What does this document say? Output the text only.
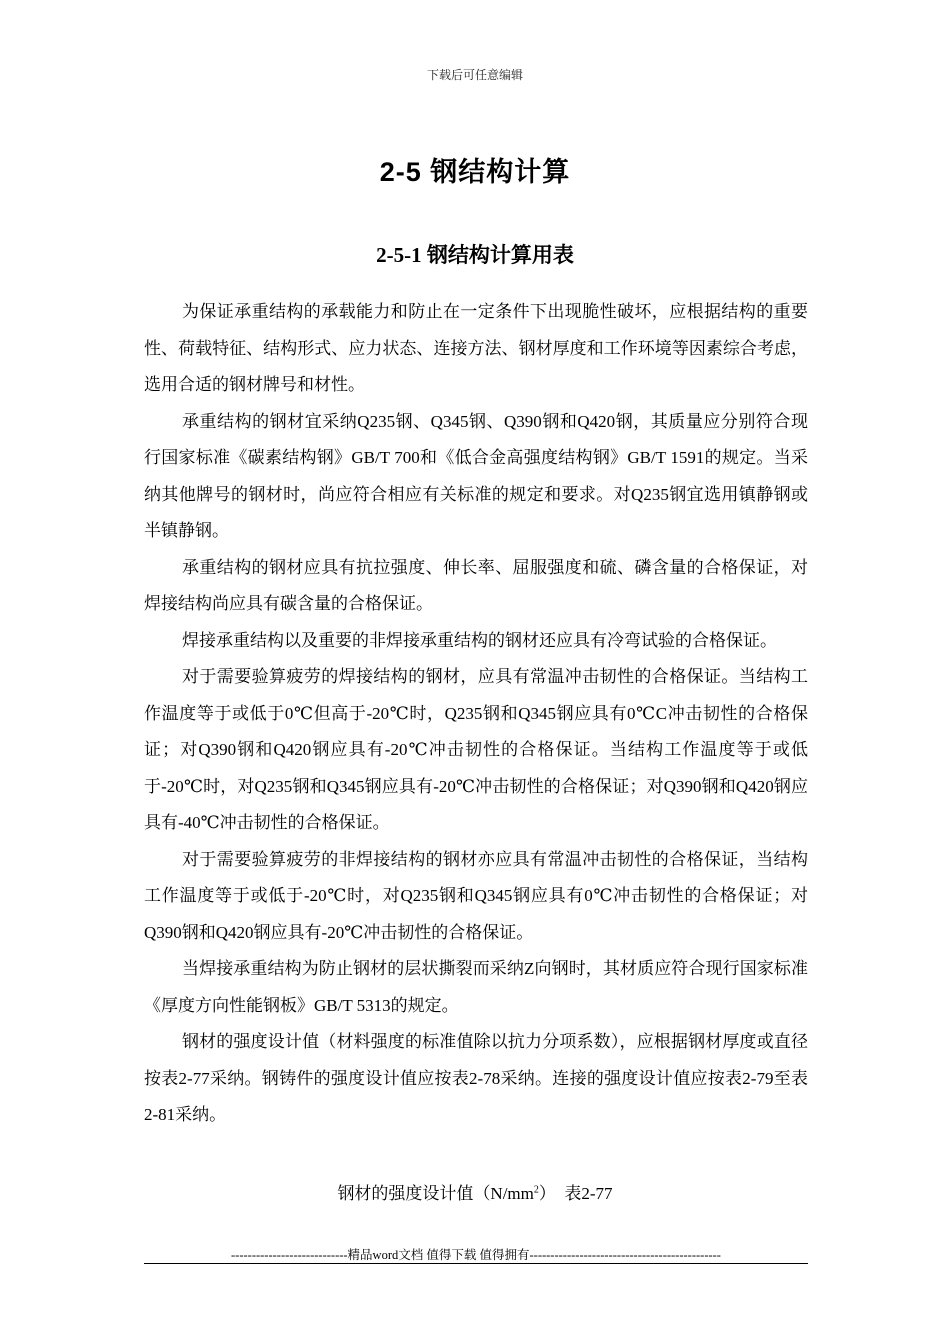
下载后可任意编辑
2-5 钢结构计算
2-5-1 钢结构计算用表

为保证承重结构的承载能力和防止在一定条件下出现脆性破坏，应根据结构的重要性、荷载特征、结构形式、应力状态、连接方法、钢材厚度和工作环境等因素综合考虑，选用合适的钢材牌号和材性。

承重结构的钢材宜采纳Q235钢、Q345钢、Q390钢和Q420钢，其质量应分别符合现行国家标准《碳素结构钢》GB/T 700和《低合金高强度结构钢》GB/T 1591的规定。当采纳其他牌号的钢材时，尚应符合相应有关标准的规定和要求。对Q235钢宜选用镇静钢或半镇静钢。

承重结构的钢材应具有抗拉强度、伸长率、屈服强度和硫、磷含量的合格保证，对焊接结构尚应具有碳含量的合格保证。

焊接承重结构以及重要的非焊接承重结构的钢材还应具有冷弯试验的合格保证。

对于需要验算疲劳的焊接结构的钢材，应具有常温冲击韧性的合格保证。当结构工作温度等于或低于0℃但高于-20℃时，Q235钢和Q345钢应具有0℃C冲击韧性的合格保证；对Q390钢和Q420钢应具有-20℃冲击韧性的合格保证。当结构工作温度等于或低于-20℃时，对Q235钢和Q345钢应具有-20℃冲击韧性的合格保证；对Q390钢和Q420钢应具有-40℃冲击韧性的合格保证。

对于需要验算疲劳的非焊接结构的钢材亦应具有常温冲击韧性的合格保证，当结构工作温度等于或低于-20℃时，对Q235钢和Q345钢应具有0℃冲击韧性的合格保证；对Q390钢和Q420钢应具有-20℃冲击韧性的合格保证。

当焊接承重结构为防止钢材的层状撕裂而采纳Z向钢时，其材质应符合现行国家标准《厚度方向性能钢板》GB/T 5313的规定。

钢材的强度设计值（材料强度的标准值除以抗力分项系数），应根据钢材厚度或直径按表2-77采纳。钢铸件的强度设计值应按表2-78采纳。连接的强度设计值应按表2-79至表2-81采纳。

钢材的强度设计值$(N/mm^2)$ 表2-77
----------------------------精品word文档 值得下载 值得拥有----------------------------------------------
